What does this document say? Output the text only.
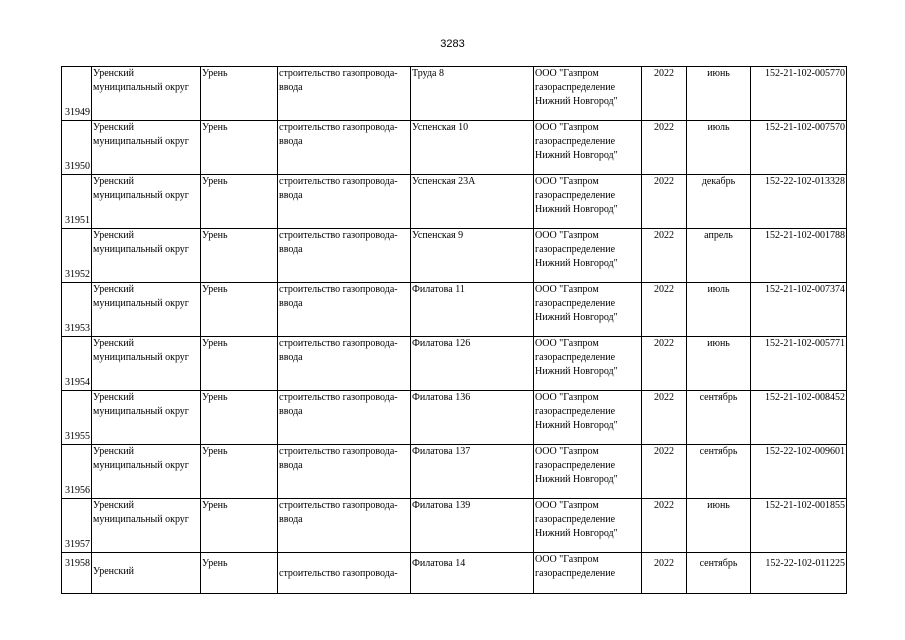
3283
31949	Уренский
муниципальный округ	Урень	строительство газопровода-
ввода	Труда 8	ООО "Газпром
газораспределение
Нижний Новгород"	2022	июнь	152-21-102-005770
31950	Уренский
муниципальный округ	Урень	строительство газопровода-
ввода	Успенская 10	ООО "Газпром
газораспределение
Нижний Новгород"	2022	июль	152-21-102-007570
31951	Уренский
муниципальный округ	Урень	строительство газопровода-
ввода	Успенская 23А	ООО "Газпром
газораспределение
Нижний Новгород"	2022	декабрь	152-22-102-013328
31952	Уренский
муниципальный округ	Урень	строительство газопровода-
ввода	Успенская 9	ООО "Газпром
газораспределение
Нижний Новгород"	2022	апрель	152-21-102-001788
31953	Уренский
муниципальный округ	Урень	строительство газопровода-
ввода	Филатова 11	ООО "Газпром
газораспределение
Нижний Новгород"	2022	июль	152-21-102-007374
31954	Уренский
муниципальный округ	Урень	строительство газопровода-
ввода	Филатова 126	ООО "Газпром
газораспределение
Нижний Новгород"	2022	июнь	152-21-102-005771
31955	Уренский
муниципальный округ	Урень	строительство газопровода-
ввода	Филатова 136	ООО "Газпром
газораспределение
Нижний Новгород"	2022	сентябрь	152-21-102-008452
31956	Уренский
муниципальный округ	Урень	строительство газопровода-
ввода	Филатова 137	ООО "Газпром
газораспределение
Нижний Новгород"	2022	сентябрь	152-22-102-009601
31957	Уренский
муниципальный округ	Урень	строительство газопровода-
ввода	Филатова 139	ООО "Газпром
газораспределение
Нижний Новгород"	2022	июнь	152-21-102-001855
31958	Уренский	Урень	строительство газопровода-	Филатова 14	ООО "Газпром
газораспределение	2022	сентябрь	152-22-102-011225
